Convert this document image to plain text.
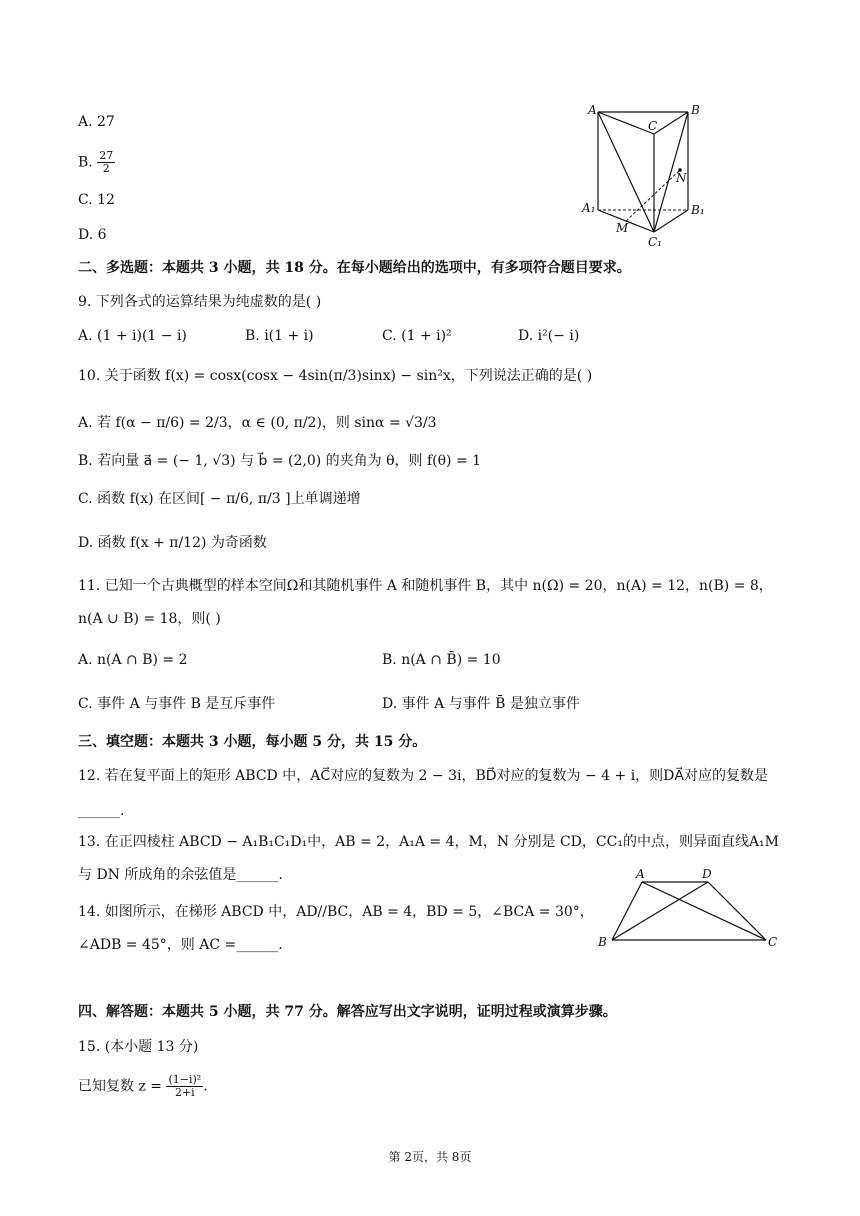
A. 27
B. $\frac{27}{2}$
C. 12
D. 6
A	B
C
N
A₁	B₁
M
C₁
二、多选题：本题共 3 小题，共 18 分。在每小题给出的选项中，有多项符合题目要求。
9. 下列各式的运算结果为纯虚数的是( )
A. (1 + i)(1 − i)	B. i(1 + i)	C. (1 + i)²	D. i²(− i)
10. 关于函数 f(x) = cosx(cosx − 4sin(π/3)sinx) − sin²x，下列说法正确的是( )
A. 若 f(α − π/6) = 2/3，α ∈ (0, π/2)，则 sinα = √3/3
B. 若向量 a⃗ = (− 1, √3) 与 b⃗ = (2,0) 的夹角为 θ，则 f(θ) = 1
C. 函数 f(x) 在区间[ − π/6, π/3 ]上单调递增
D. 函数 f(x + π/12) 为奇函数
11. 已知一个古典概型的样本空间Ω和其随机事件 A 和随机事件 B，其中 n(Ω) = 20，n(A) = 12，n(B) = 8，
n(A ∪ B) = 18，则( )
A. n(A ∩ B) = 2	B. n(A ∩ B̄) = 10
C. 事件 A 与事件 B 是互斥事件	D. 事件 A 与事件 B̄ 是独立事件
三、填空题：本题共 3 小题，每小题 5 分，共 15 分。
12. 若在复平面上的矩形 ABCD 中，AC⃗对应的复数为 2 − 3i，BD⃗对应的复数为 − 4 + i，则DA⃗对应的复数是
______.
13. 在正四棱柱 ABCD − A₁B₁C₁D₁中，AB = 2，A₁A = 4，M，N 分别是 CD，CC₁的中点，则异面直线A₁M
与 DN 所成角的余弦值是______.
14. 如图所示，在梯形 ABCD 中，AD//BC，AB = 4，BD = 5，∠BCA = 30°，
∠ADB = 45°，则 AC =______.
A	D
B	C
四、解答题：本题共 5 小题，共 77 分。解答应写出文字说明，证明过程或演算步骤。
15. (本小题 13 分)
已知复数 $z = \frac{\text{(1−i)²}}{2+i}$ .
第 2页，共 8页
